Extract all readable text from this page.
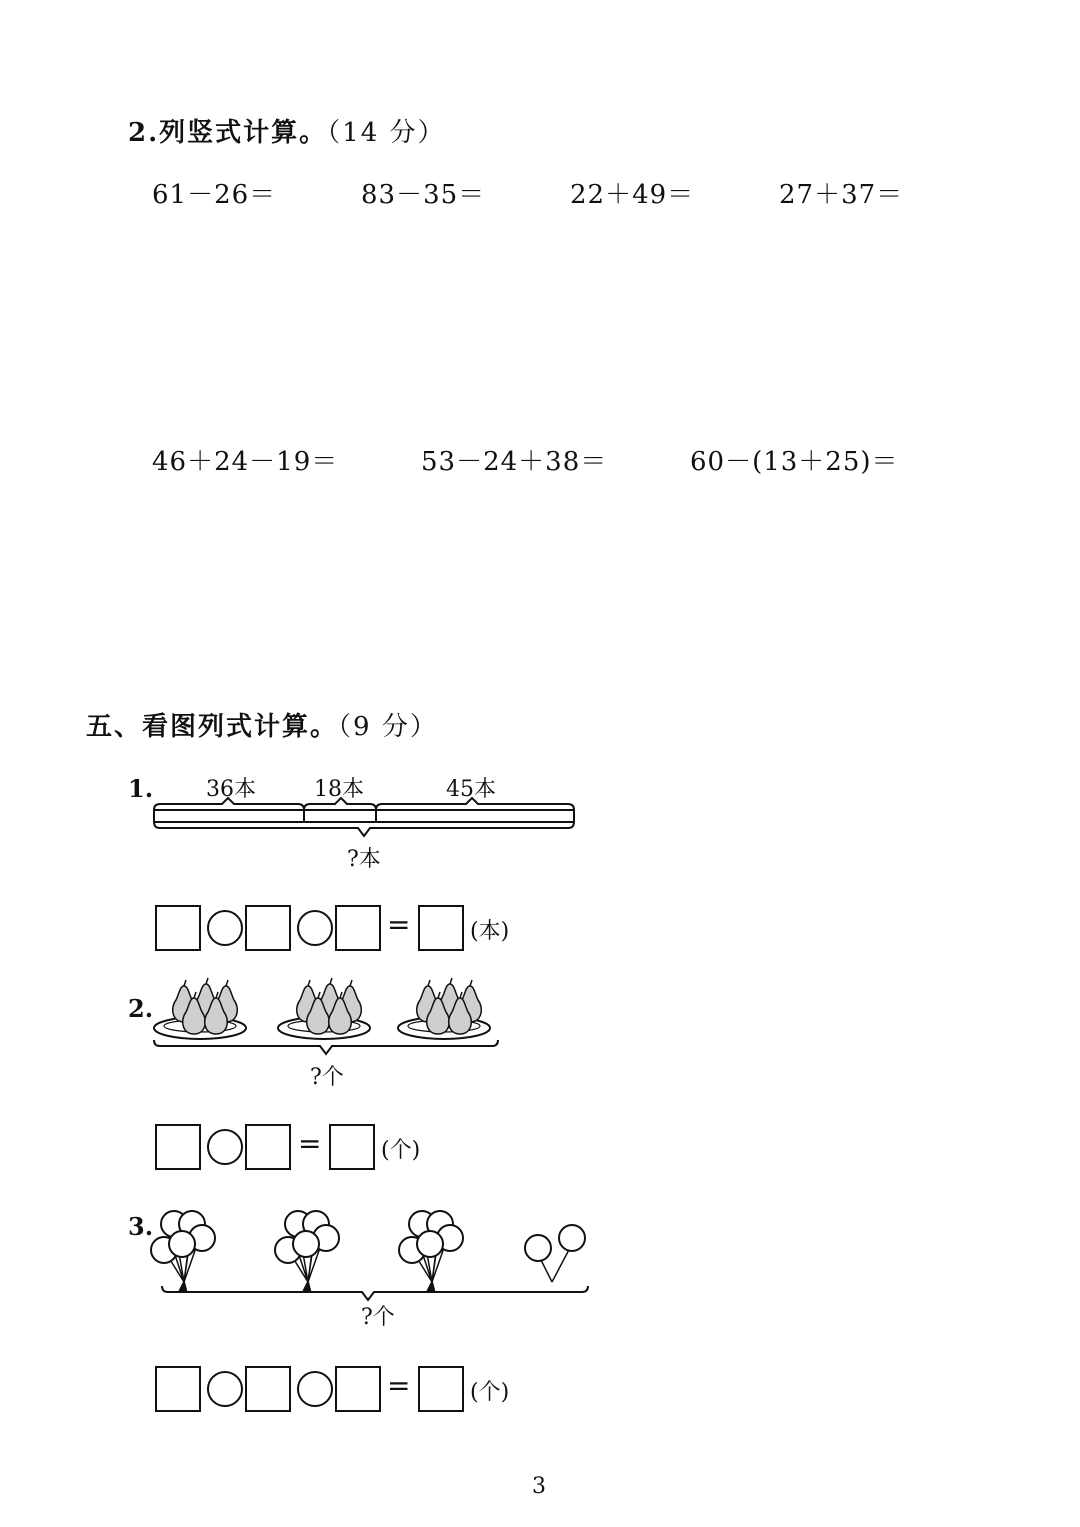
2.列竖式计算。（14 分）
61－26＝	83－35＝	22＋49＝	27＋37＝
46＋24－19＝	53－24＋38＝	60－(13＋25)＝
五、看图列式计算。（9 分）
1. 36本	18本	45本
?本
=	(本)
2.
?个
=	(个)
3.
?个
=	(个)
3
